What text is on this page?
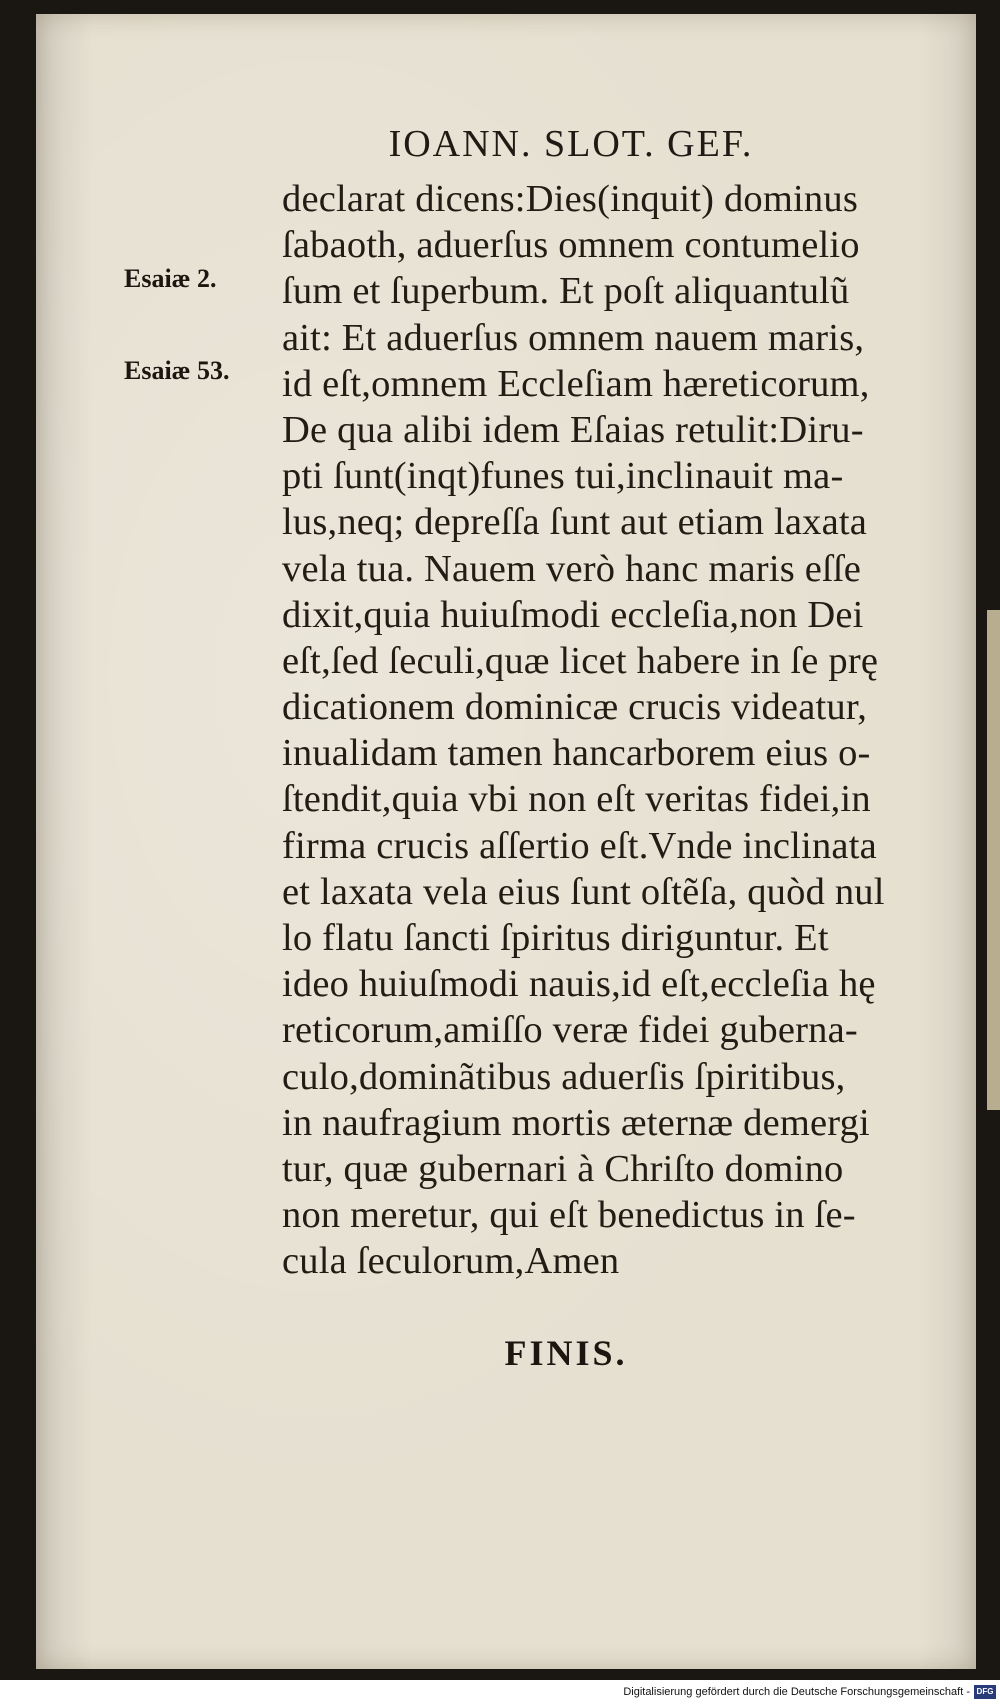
IOANN. SLOT. GEF.
Esaiæ 2.
Esaiæ 53.
declarat dicens:Dies(inquit) dominus
ſabaoth, aduerſus omnem contumelio
ſum et ſuperbum. Et poſt aliquantulũ
ait: Et aduerſus omnem nauem maris,
id eſt,omnem Eccleſiam hæreticorum,
De qua alibi idem Eſaias retulit:Diru-
pti ſunt(inqt)funes tui,inclinauit ma-
lus,neq; depreſſa ſunt aut etiam laxata
vela tua. Nauem verò hanc maris eſſe
dixit,quia huiuſmodi eccleſia,non Dei
eſt,ſed ſeculi,quæ licet habere in ſe prę
dicationem dominicæ crucis videatur,
inualidam tamen hancarborem eius o-
ſtendit,quia vbi non eſt veritas fidei,in
firma crucis aſſertio eſt.Vnde inclinata
et laxata vela eius ſunt oſtẽſa, quòd nul
lo flatu ſancti ſpiritus diriguntur. Et
ideo huiuſmodi nauis,id eſt,eccleſia hę
reticorum,amiſſo veræ fidei guberna-
culo,dominãtibus aduerſis ſpiritibus,
in naufragium mortis æternæ demergi
tur, quæ gubernari à Chriſto domino
non meretur, qui eſt benedictus in ſe-
cula ſeculorum,Amen
FINIS.
Digitalisierung gefördert durch die Deutsche Forschungsgemeinschaft - DFG
